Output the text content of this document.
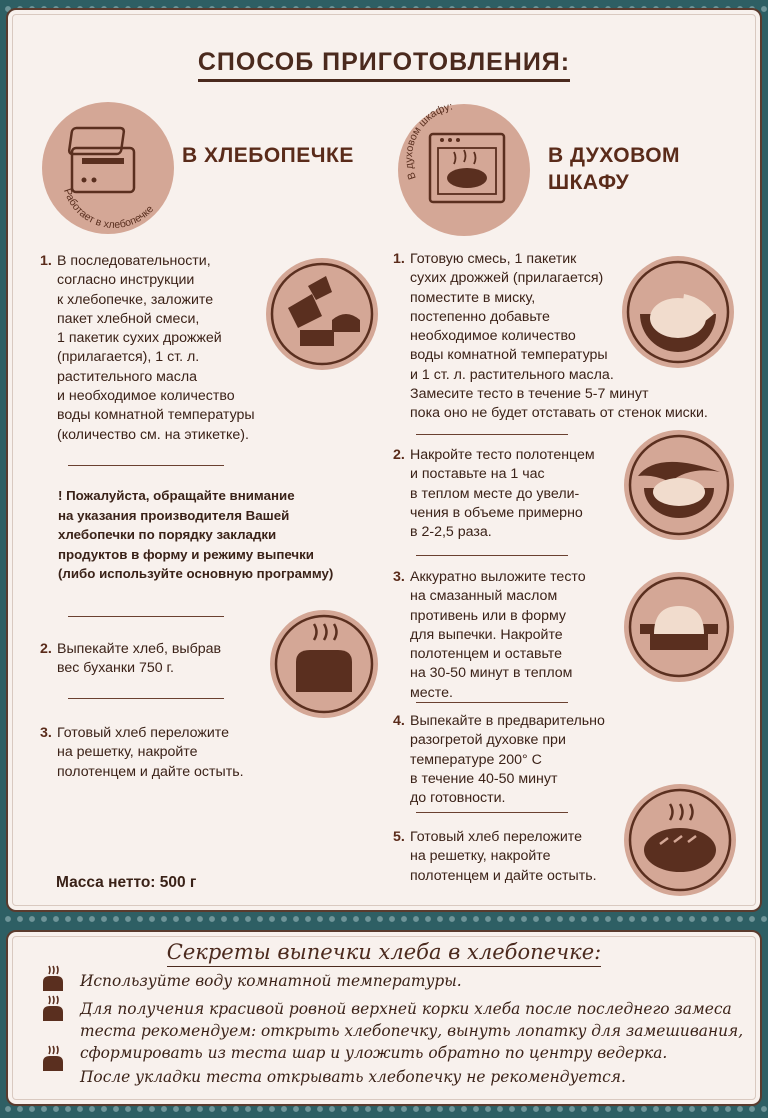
СПОСОБ ПРИГОТОВЛЕНИЯ:
Работает в хлебопечке
В ХЛЕБОПЕЧКЕ
В духовом шкафу:
В ДУХОВОМ
ШКАФУ
1. В последовательности,
согласно инструкции
к хлебопечке, заложите
пакет хлебной смеси,
1 пакетик сухих дрожжей
(прилагается), 1 ст. л.
растительного масла
и необходимое количество
воды комнатной температуры
(количество см. на этикетке).
! Пожалуйста, обращайте внимание
на указания производителя Вашей
хлебопечки по порядку закладки
продуктов в форму и режиму выпечки
(либо используйте основную программу)
2. Выпекайте хлеб, выбрав
вес буханки 750 г.
3. Готовый хлеб переложите
на решетку, накройте
полотенцем и дайте остыть.
Масса нетто: 500 г
1. Готовую смесь, 1 пакетик
сухих дрожжей (прилагается)
поместите в миску,
постепенно добавьте
необходимое количество
воды комнатной температуры
и 1 ст. л. растительного масла.
Замесите тесто в течение 5-7 минут
пока оно не будет отставать от стенок миски.
2. Накройте тесто полотенцем
и поставьте на 1 час
в теплом месте до увели-
чения в объеме примерно
в 2-2,5 раза.
3. Аккуратно выложите тесто
на смазанный маслом
противень или в форму
для выпечки. Накройте
полотенцем и оставьте
на 30-50 минут в теплом
месте.
4. Выпекайте в предварительно
разогретой духовке при
температуре 200° С
в течение 40-50 минут
до готовности.
5. Готовый хлеб переложите
на решетку, накройте
полотенцем и дайте остыть.
Секреты выпечки хлеба в хлебопечке:
Используйте воду комнатной температуры.
Для получения красивой ровной верхней корки хлеба после последнего замеса
теста рекомендуем: открыть хлебопечку, вынуть лопатку для замешивания,
сформировать из теста шар и уложить обратно по центру ведерка.
После укладки теста открывать хлебопечку не рекомендуется.
